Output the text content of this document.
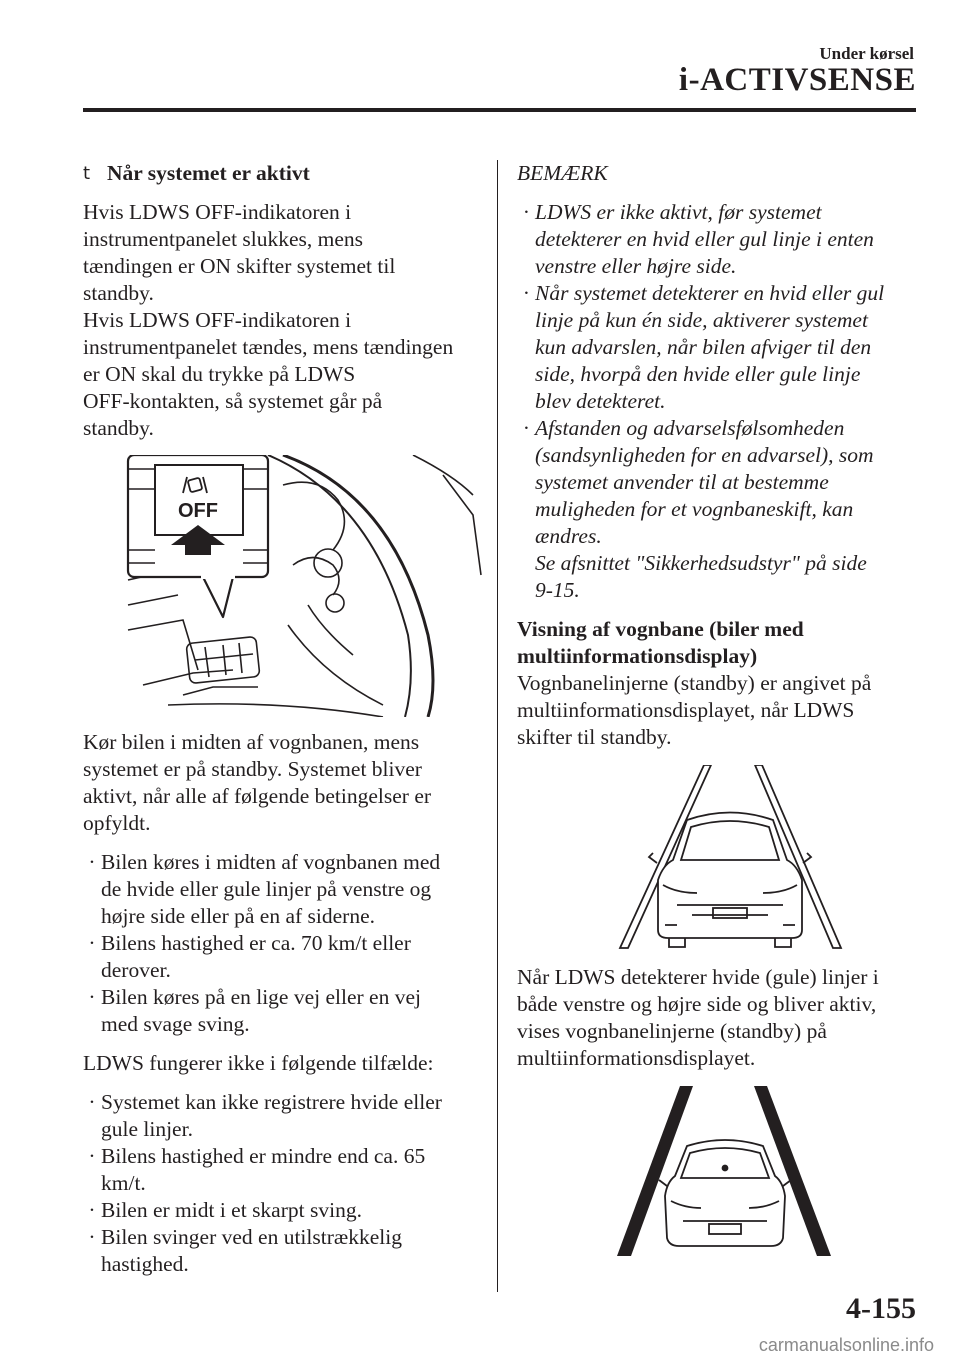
Under kørsel
i-ACTIVSENSE
t Når systemet er aktivt

Hvis LDWS OFF-indikatoren i
instrumentpanelet slukkes, mens
tændingen er ON skifter systemet til
standby.
Hvis LDWS OFF-indikatoren i
instrumentpanelet tændes, mens tændingen
er ON skal du trykke på LDWS
OFF-kontakten, så systemet går på
standby.

OFF

Kør bilen i midten af vognbanen, mens
systemet er på standby. Systemet bliver
aktivt, når alle af følgende betingelser er
opfyldt.

· Bilen køres i midten af vognbanen med
de hvide eller gule linjer på venstre og
højre side eller på en af siderne.
· Bilens hastighed er ca. 70 km/t eller
derover.
· Bilen køres på en lige vej eller en vej
med svage sving.

LDWS fungerer ikke i følgende tilfælde:

· Systemet kan ikke registrere hvide eller
gule linjer.
· Bilens hastighed er mindre end ca. 65
km/t.
· Bilen er midt i et skarpt sving.
· Bilen svinger ved en utilstrækkelig
hastighed.
BEMÆRK
· LDWS er ikke aktivt, før systemet
detekterer en hvid eller gul linje i enten
venstre eller højre side.
· Når systemet detekterer en hvid eller gul
linje på kun én side, aktiverer systemet
kun advarslen, når bilen afviger til den
side, hvorpå den hvide eller gule linje
blev detekteret.
· Afstanden og advarselsfølsomheden
(sandsynligheden for en advarsel), som
systemet anvender til at bestemme
muligheden for et vognbaneskift, kan
ændres.
Se afsnittet "Sikkerhedsudstyr" på side
9-15.

Visning af vognbane (biler med
multiinformationsdisplay)

Vognbanelinjerne (standby) er angivet på
multiinformationsdisplayet, når LDWS
skifter til standby.

Når LDWS detekterer hvide (gule) linjer i
både venstre og højre side og bliver aktiv,
vises vognbanelinjerne (standby) på
multiinformationsdisplayet.

4-155
carmanualsonline.info
